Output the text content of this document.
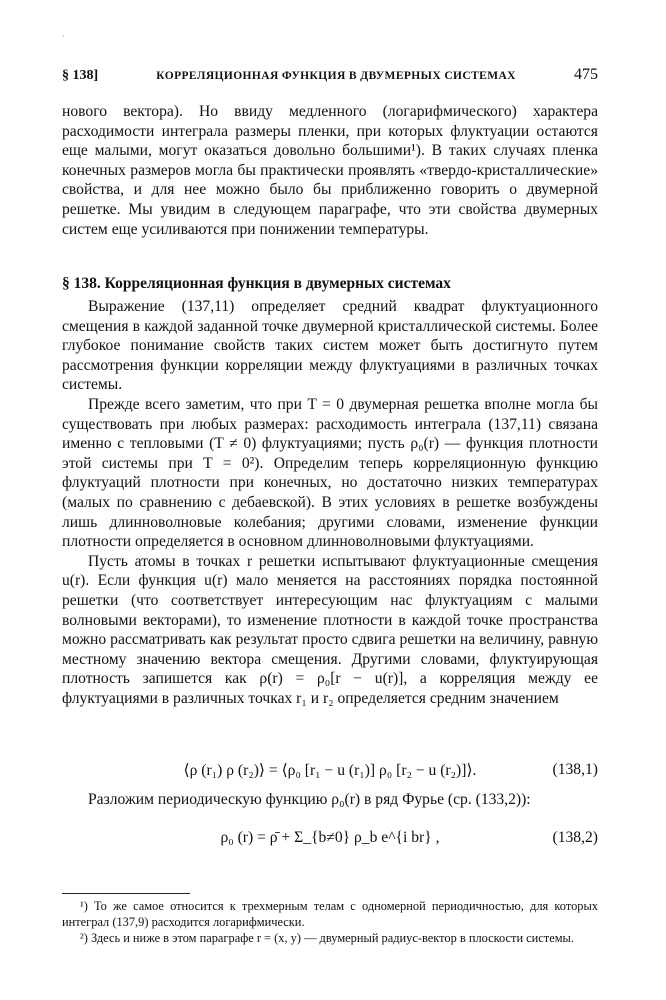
ˋ
§ 138]	КОРРЕЛЯЦИОННАЯ ФУНКЦИЯ В ДВУМЕРНЫХ СИСТЕМАХ	475

нового вектора). Но ввиду медленного (логарифмического) характера расходимости интеграла размеры пленки, при которых флуктуации остаются еще малыми, могут оказаться довольно большими¹). В таких случаях пленка конечных размеров могла бы практически проявлять «твердо-кристаллические» свойства, и для нее можно было бы приближенно говорить о двумерной решетке. Мы увидим в следующем параграфе, что эти свойства двумерных систем еще усиливаются при понижении температуры.

§ 138. Корреляционная функция в двумерных системах

Выражение (137,11) определяет средний квадрат флуктуационного смещения в каждой заданной точке двумерной кристаллической системы. Более глубокое понимание свойств таких систем может быть достигнуто путем рассмотрения функции корреляции между флуктуациями в различных точках системы.

Прежде всего заметим, что при T = 0 двумерная решетка вполне могла бы существовать при любых размерах: расходимость интеграла (137,11) связана именно с тепловыми (T ≠ 0) флуктуациями; пусть ρ₀(r) — функция плотности этой системы при T = 0²). Определим теперь корреляционную функцию флуктуаций плотности при конечных, но достаточно низких температурах (малых по сравнению с дебаевской). В этих условиях в решетке возбуждены лишь длинноволновые колебания; другими словами, изменение функции плотности определяется в основном длинноволновыми флуктуациями.

Пусть атомы в точках r решетки испытывают флуктуационные смещения u(r). Если функция u(r) мало меняется на расстояниях порядка постоянной решетки (что соответствует интересующим нас флуктуациям с малыми волновыми векторами), то изменение плотности в каждой точке пространства можно рассматривать как результат просто сдвига решетки на величину, равную местному значению вектора смещения. Другими словами, флуктуирующая плотность запишется как ρ(r) = ρ₀[r − u(r)], а корреляция между ее флуктуациями в различных точках r₁ и r₂ определяется средним значением

⟨ρ (r₁) ρ (r₂)⟩ = ⟨ρ₀ [r₁ − u (r₁)] ρ₀ [r₂ − u (r₂)]⟩.	(138,1)

Разложим периодическую функцию ρ₀(r) в ряд Фурье (ср. (133,2)):

ρ₀ (r) = ρ̄ + Σ_{b≠0} ρ_b e^{i br} ,	(138,2)

¹) То же самое относится к трехмерным телам с одномерной периодичностью, для которых интеграл (137,9) расходится логарифмически.

²) Здесь и ниже в этом параграфе r = (x, y) — двумерный радиус-вектор в плоскости системы.
